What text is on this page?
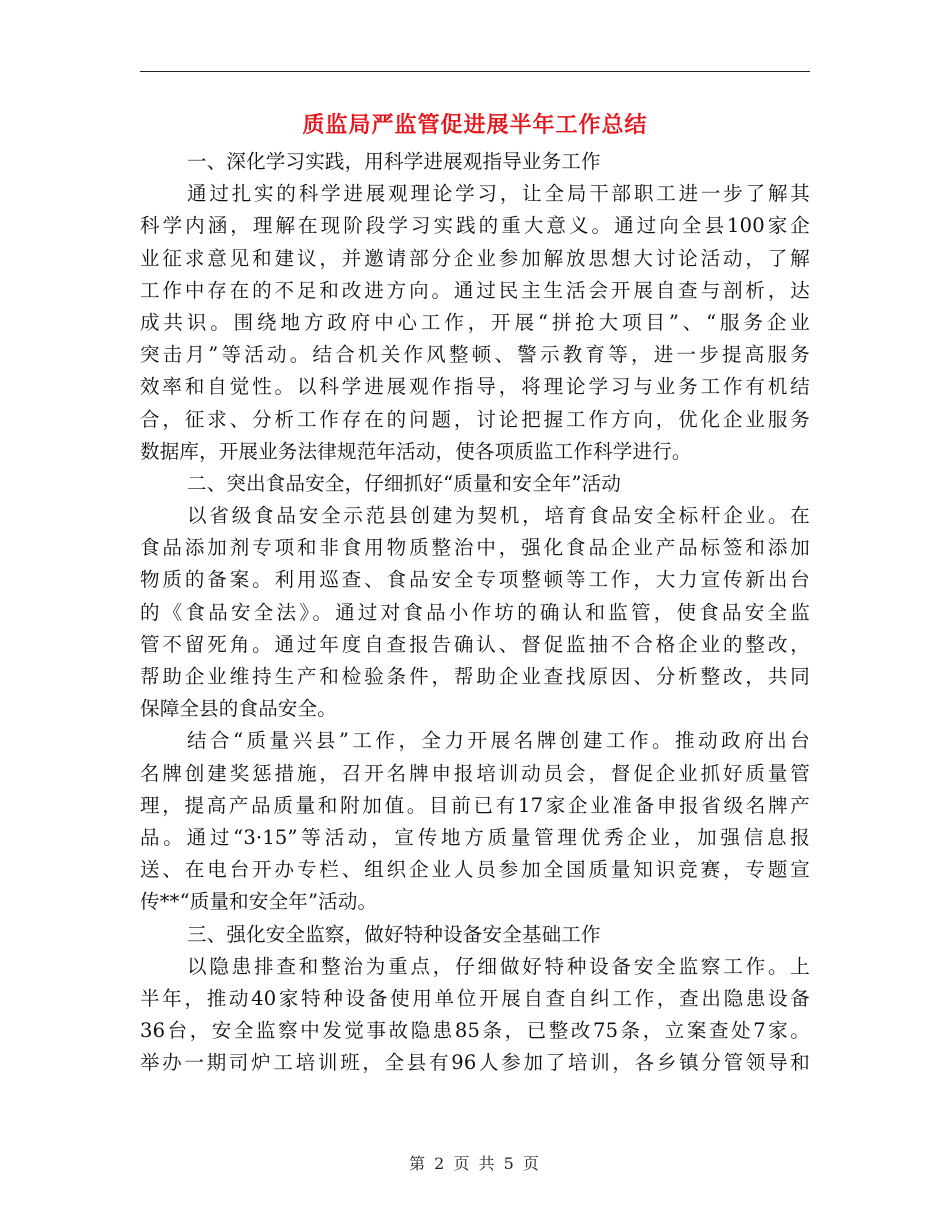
质监局严监管促进展半年工作总结
一、深化学习实践，用科学进展观指导业务工作
通过扎实的科学进展观理论学习，让全局干部职工进一步了解其
科学内涵，理解在现阶段学习实践的重大意义。通过向全县100家企
业征求意见和建议，并邀请部分企业参加解放思想大讨论活动，了解
工作中存在的不足和改进方向。通过民主生活会开展自查与剖析，达
成共识。围绕地方政府中心工作，开展“拼抢大项目”、“服务企业
突击月”等活动。结合机关作风整顿、警示教育等，进一步提高服务
效率和自觉性。以科学进展观作指导，将理论学习与业务工作有机结
合，征求、分析工作存在的问题，讨论把握工作方向，优化企业服务
数据库，开展业务法律规范年活动，使各项质监工作科学进行。
二、突出食品安全，仔细抓好“质量和安全年”活动
以省级食品安全示范县创建为契机，培育食品安全标杆企业。在
食品添加剂专项和非食用物质整治中，强化食品企业产品标签和添加
物质的备案。利用巡查、食品安全专项整顿等工作，大力宣传新出台
的《食品安全法》。通过对食品小作坊的确认和监管，使食品安全监
管不留死角。通过年度自查报告确认、督促监抽不合格企业的整改，
帮助企业维持生产和检验条件，帮助企业查找原因、分析整改，共同
保障全县的食品安全。
结合“质量兴县”工作，全力开展名牌创建工作。推动政府出台
名牌创建奖惩措施，召开名牌申报培训动员会，督促企业抓好质量管
理，提高产品质量和附加值。目前已有17家企业准备申报省级名牌产
品。通过“3·15”等活动，宣传地方质量管理优秀企业，加强信息报
送、在电台开办专栏、组织企业人员参加全国质量知识竞赛，专题宣
传**“质量和安全年”活动。
三、强化安全监察，做好特种设备安全基础工作
以隐患排查和整治为重点，仔细做好特种设备安全监察工作。上
半年，推动40家特种设备使用单位开展自查自纠工作，查出隐患设备
36台，安全监察中发觉事故隐患85条，已整改75条，立案查处7家。
举办一期司炉工培训班，全县有96人参加了培训，各乡镇分管领导和
第 2 页 共 5 页
